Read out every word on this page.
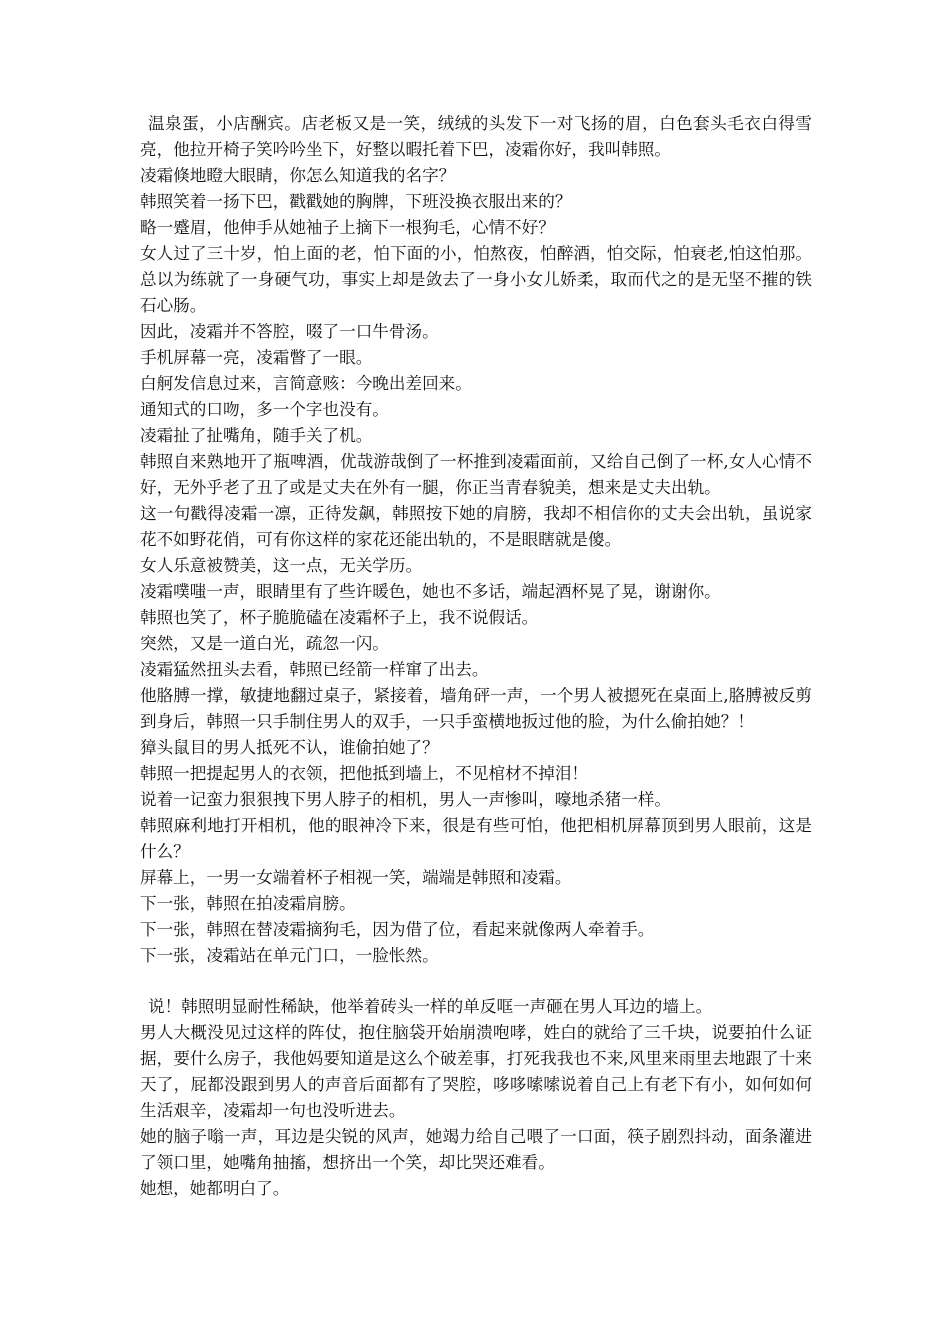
温泉蛋，小店酬宾。店老板又是一笑，绒绒的头发下一对飞扬的眉，白色套头毛衣白得雪亮，他拉开椅子笑吟吟坐下，好整以暇托着下巴，凌霜你好，我叫韩照。

凌霜倏地瞪大眼睛，你怎么知道我的名字？

韩照笑着一扬下巴，戳戳她的胸牌，下班没换衣服出来的？

略一蹙眉，他伸手从她袖子上摘下一根狗毛，心情不好？

女人过了三十岁，怕上面的老，怕下面的小，怕熬夜，怕醉酒，怕交际，怕衰老,怕这怕那。总以为练就了一身硬气功，事实上却是敛去了一身小女儿娇柔，取而代之的是无坚不摧的铁石心肠。

因此，凌霜并不答腔，啜了一口牛骨汤。

手机屏幕一亮，凌霜瞥了一眼。

白舸发信息过来，言简意赅：今晚出差回来。

通知式的口吻，多一个字也没有。

凌霜扯了扯嘴角，随手关了机。

韩照自来熟地开了瓶啤酒，优哉游哉倒了一杯推到凌霜面前，又给自己倒了一杯,女人心情不好，无外乎老了丑了或是丈夫在外有一腿，你正当青春貌美，想来是丈夫出轨。

这一句戳得凌霜一凛，正待发飙，韩照按下她的肩膀，我却不相信你的丈夫会出轨，虽说家花不如野花俏，可有你这样的家花还能出轨的，不是眼瞎就是傻。

女人乐意被赞美，这一点，无关学历。

凌霜噗嗤一声，眼睛里有了些许暖色，她也不多话，端起酒杯晃了晃，谢谢你。

韩照也笑了，杯子脆脆磕在凌霜杯子上，我不说假话。

突然，又是一道白光，疏忽一闪。

凌霜猛然扭头去看，韩照已经箭一样窜了出去。

他胳膊一撑，敏捷地翻过桌子，紧接着，墙角砰一声，一个男人被摁死在桌面上,胳膊被反剪到身后，韩照一只手制住男人的双手，一只手蛮横地扳过他的脸，为什么偷拍她？！

獐头鼠目的男人抵死不认，谁偷拍她了？

韩照一把提起男人的衣领，把他抵到墙上，不见棺材不掉泪！

说着一记蛮力狠狠拽下男人脖子的相机，男人一声惨叫，嚎地杀猪一样。

韩照麻利地打开相机，他的眼神冷下来，很是有些可怕，他把相机屏幕顶到男人眼前，这是什么？

屏幕上，一男一女端着杯子相视一笑，端端是韩照和凌霜。

下一张，韩照在拍凌霜肩膀。

下一张，韩照在替凌霜摘狗毛，因为借了位，看起来就像两人牵着手。

下一张，凌霜站在单元门口，一脸怅然。

说！韩照明显耐性稀缺，他举着砖头一样的单反哐一声砸在男人耳边的墙上。

男人大概没见过这样的阵仗，抱住脑袋开始崩溃咆哮，姓白的就给了三千块，说要拍什么证据，要什么房子，我他妈要知道是这么个破差事，打死我我也不来,风里来雨里去地跟了十来天了，屁都没跟到男人的声音后面都有了哭腔，哆哆嗦嗦说着自己上有老下有小，如何如何生活艰辛，凌霜却一句也没听进去。

她的脑子嗡一声，耳边是尖锐的风声，她竭力给自己喂了一口面，筷子剧烈抖动，面条灌进了领口里，她嘴角抽搐，想挤出一个笑，却比哭还难看。

她想，她都明白了。
